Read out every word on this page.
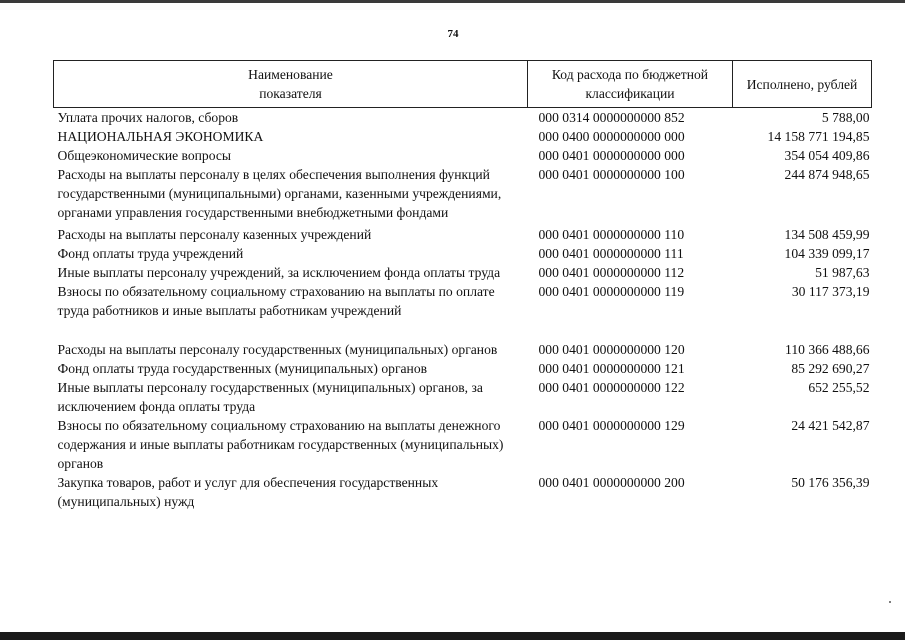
74
Наименование
показателя	Код расхода по бюджетной классификации	Исполнено, рублей
Уплата прочих налогов, сборов	000 0314 0000000000 852	5 788,00
НАЦИОНАЛЬНАЯ ЭКОНОМИКА	000 0400 0000000000 000	14 158 771 194,85
Общеэкономические вопросы	000 0401 0000000000 000	354 054 409,86
Расходы на выплаты персоналу в целях обеспечения выполнения функций государственными (муниципальными) органами, казенными учреждениями, органами управления государственными внебюджетными фондами	000 0401 0000000000 100	244 874 948,65
Расходы на выплаты персоналу казенных учреждений	000 0401 0000000000 110	134 508 459,99
Фонд оплаты труда учреждений	000 0401 0000000000 111	104 339 099,17
Иные выплаты персоналу учреждений, за исключением фонда оплаты труда	000 0401 0000000000 112	51 987,63
Взносы по обязательному социальному страхованию на выплаты по оплате труда работников и иные выплаты работникам учреждений	000 0401 0000000000 119	30 117 373,19
Расходы на выплаты персоналу государственных (муниципальных) органов	000 0401 0000000000 120	110 366 488,66
Фонд оплаты труда государственных (муниципальных) органов	000 0401 0000000000 121	85 292 690,27
Иные выплаты персоналу государственных (муниципальных) органов, за исключением фонда оплаты труда	000 0401 0000000000 122	652 255,52
Взносы по обязательному социальному страхованию на выплаты денежного содержания и иные выплаты работникам государственных (муниципальных) органов	000 0401 0000000000 129	24 421 542,87
Закупка товаров, работ и услуг для обеспечения государственных (муниципальных) нужд	000 0401 0000000000 200	50 176 356,39
